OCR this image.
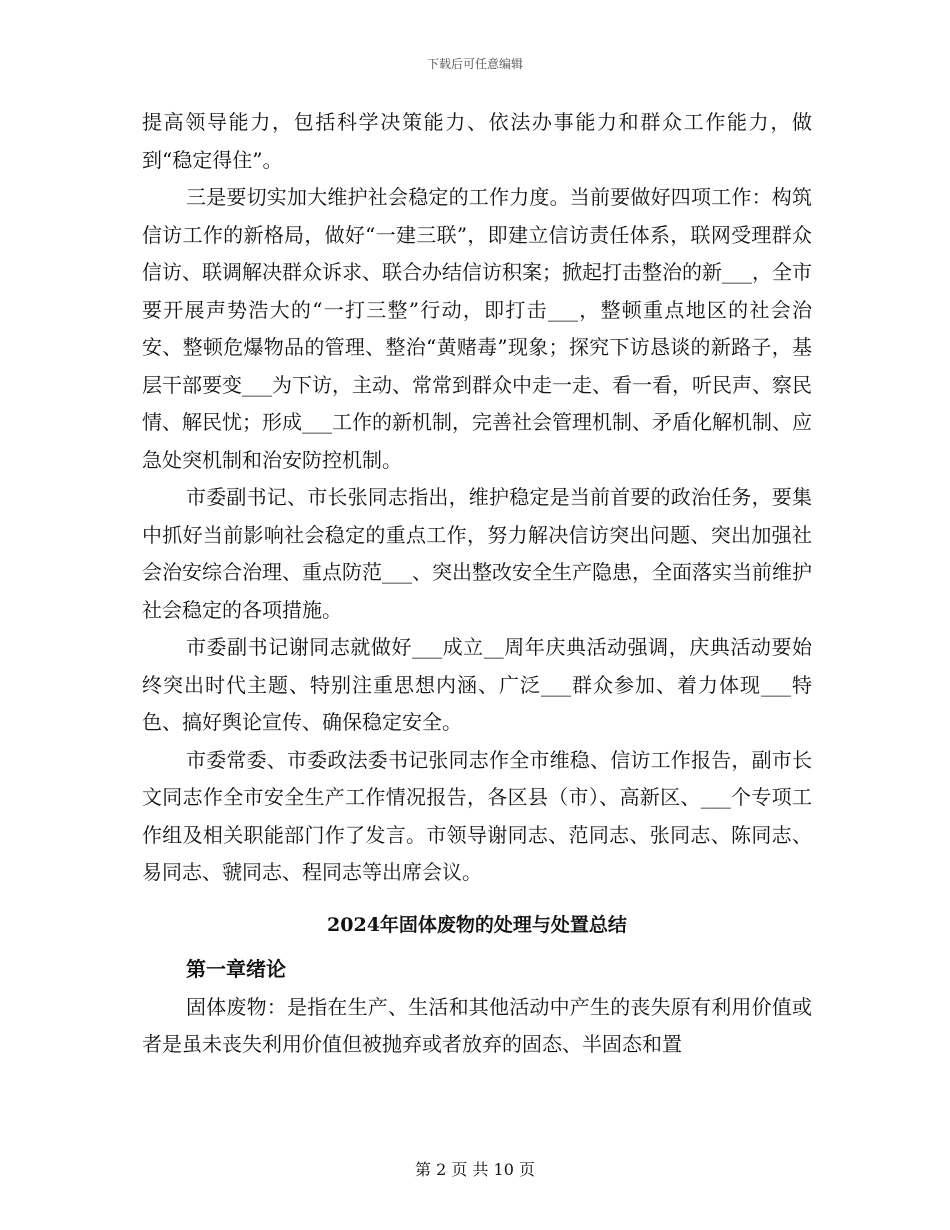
下载后可任意编辑

提高领导能力，包括科学决策能力、依法办事能力和群众工作能力，做到“稳定得住”。

三是要切实加大维护社会稳定的工作力度。当前要做好四项工作：构筑信访工作的新格局，做好“一建三联”，即建立信访责任体系，联网受理群众信访、联调解决群众诉求、联合办结信访积案；掀起打击整治的新___，全市要开展声势浩大的“一打三整”行动，即打击___，整顿重点地区的社会治安、整顿危爆物品的管理、整治“黄赌毒”现象；探究下访恳谈的新路子，基层干部要变___为下访，主动、常常到群众中走一走、看一看，听民声、察民情、解民忧；形成___工作的新机制，完善社会管理机制、矛盾化解机制、应急处突机制和治安防控机制。

市委副书记、市长张同志指出，维护稳定是当前首要的政治任务，要集中抓好当前影响社会稳定的重点工作，努力解决信访突出问题、突出加强社会治安综合治理、重点防范___、突出整改安全生产隐患，全面落实当前维护社会稳定的各项措施。

市委副书记谢同志就做好___成立__周年庆典活动强调，庆典活动要始终突出时代主题、特别注重思想内涵、广泛___群众参加、着力体现___特色、搞好舆论宣传、确保稳定安全。

市委常委、市委政法委书记张同志作全市维稳、信访工作报告，副市长文同志作全市安全生产工作情况报告，各区县（市）、高新区、___个专项工作组及相关职能部门作了发言。市领导谢同志、范同志、张同志、陈同志、易同志、虢同志、程同志等出席会议。

2024年固体废物的处理与处置总结
第一章绪论

固体废物：是指在生产、生活和其他活动中产生的丧失原有利用价值或者是虽未丧失利用价值但被抛弃或者放弃的固态、半固态和置

第 2 页 共 10 页
